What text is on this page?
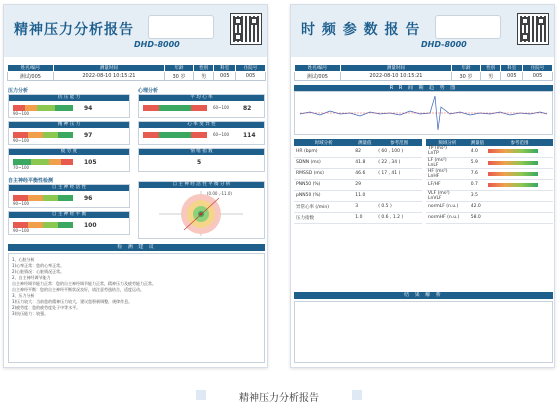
精神压力分析报告
DHD-8000
姓名/编号	测量时间	年龄	性别	科室	住院号
测试/005	2022-08-10 10:15:21	30 岁	男	005	005
压力分析	心理分析
抗 压 能 力
90~100
94
精 神 压 力
90~100
97
疲 劳 度
70~100
105
平 均 心 率
60~100 82
心 率 变 异 性
60~100 114
情 绪 指 数
5
自主神经平衡性检测
自 主 神 经 活 性
90~100
96
自 主 神 经 平 衡
90~100
100
自 主 神 经 活 性 平 衡 分 析
(0.00 ,-11.0)
检 测 建 议
1、心脏分析
1)心率正常：您的心率正常。
2)心脏情况：心脏情况正常。
2、自主神经调节能力
自主神经调节能力正常：您的自主神经调节能力正常，精神压力及疲劳能力正常。
自主神经平衡：您的自主神经平衡状况良好，请注意劳逸结合，适度运动。
3、压力分析
1)压力较大：当前您的精神压力较大，建议您积极调整，规律作息。
2)疲劳度：您的疲劳度处于中等水平。
3)抗压能力：较强。
时 频 参 数 报 告
DHD-8000
姓名/编号	测量时间	年龄	性别	科室	住院号
测试/005	2022-08-10 10:15:21	30 岁	男	005	005
R R 间 期 趋 势 图
时域分析	测量值	参考范围
HR (bpm)	82	( 60 , 100 )
SDNN (ms)	41.8	( 22 , 34 )
RMSSD (ms)	46.6	( 17 , 41 )
PNN50 (%)	29	
pNN50 (%)	11.0	
异常心率 (/min)	3	( 0.5 )
压力指数	1.0	( 0.6 , 1.2 )
频域分析	测量值	参考范围
TP (ms²)
LnTP	4.0	

LF (ms²)
LnLF	5.9	

HF (ms²)
LnHF	7.6	

LF/HF	0.7	

VLF (ms²)
LnVLF	3.5	
normLF (n.u.)	42.0	
normHF (n.u.)	58.0	
结 果 解 析
精神压力分析报告
